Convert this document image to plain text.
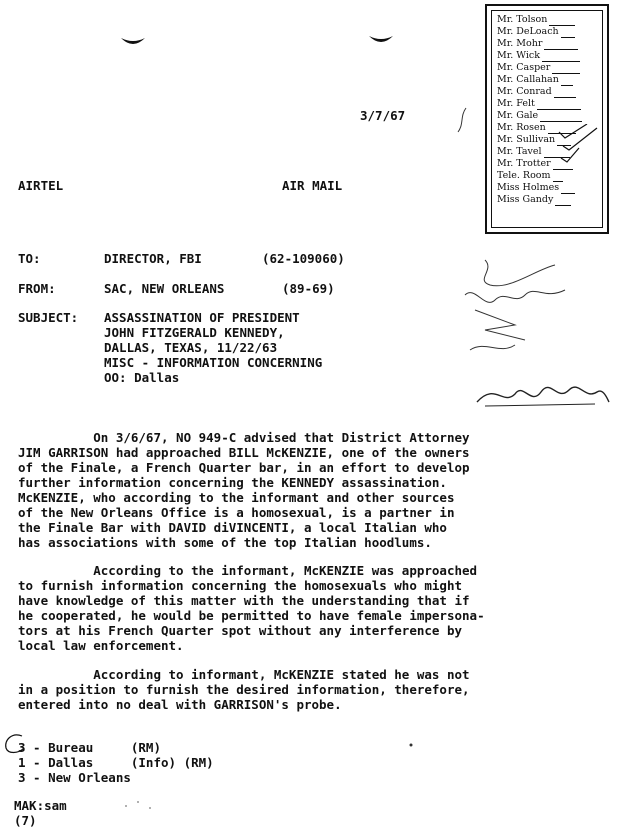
Mr. Tolson
Mr. DeLoach
Mr. Mohr
Mr. Wick
Mr. Casper
Mr. Callahan
Mr. Conrad
Mr. Felt
Mr. Gale
Mr. Rosen
Mr. Sullivan
Mr. Tavel
Mr. Trotter
Tele. Room
Miss Holmes
Miss Gandy
3/7/67
AIRTEL	AIR MAIL
TO:	DIRECTOR, FBI	(62-109060)
FROM:	SAC, NEW ORLEANS	(89-69)
SUBJECT: ASSASSINATION OF PRESIDENT
JOHN FITZGERALD KENNEDY,
DALLAS, TEXAS, 11/22/63
MISC - INFORMATION CONCERNING
OO: Dallas
On 3/6/67, NO 949-C advised that District Attorney
JIM GARRISON had approached BILL McKENZIE, one of the owners
of the Finale, a French Quarter bar, in an effort to develop
further information concerning the KENNEDY assassination.
McKENZIE, who according to the informant and other sources
of the New Orleans Office is a homosexual, is a partner in
the Finale Bar with DAVID diVINCENTI, a local Italian who
has associations with some of the top Italian hoodlums.
According to the informant, McKENZIE was approached
to furnish information concerning the homosexuals who might
have knowledge of this matter with the understanding that if
he cooperated, he would be permitted to have female impersona-
tors at his French Quarter spot without any interference by
local law enforcement.
According to informant, McKENZIE stated he was not
in a position to furnish the desired information, therefore,
entered into no deal with GARRISON's probe.
3 - Bureau     (RM)
1 - Dallas     (Info) (RM)
3 - New Orleans
MAK:sam
(7)
